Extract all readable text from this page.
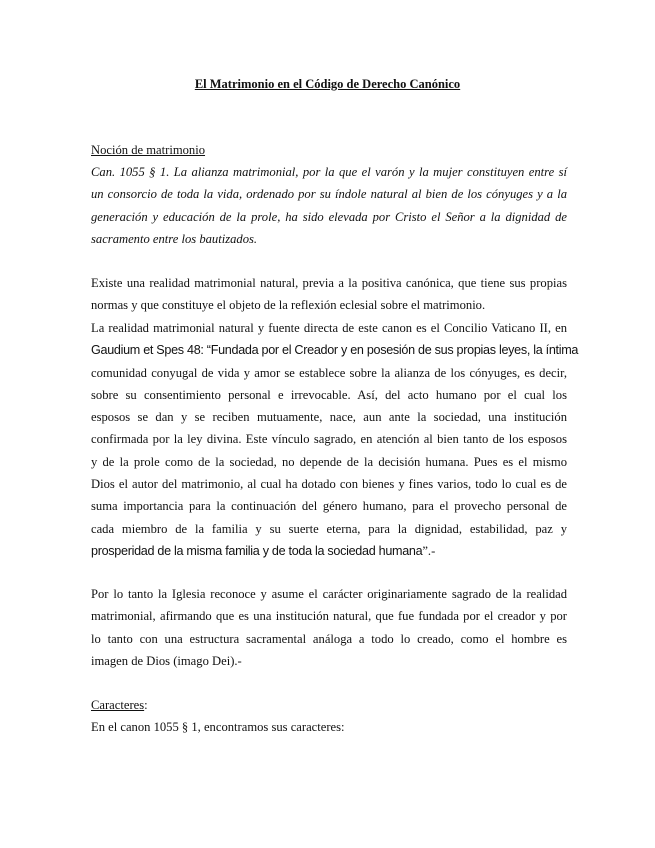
El Matrimonio en el Código de Derecho Canónico
Noción de matrimonio
Can. 1055 § 1. La alianza matrimonial, por la que el varón y la mujer constituyen entre sí
un consorcio de toda la vida, ordenado por su índole natural al bien de los cónyuges y a la
generación y educación de la prole, ha sido elevada por Cristo el Señor a la dignidad de
sacramento entre los bautizados.
Existe una realidad matrimonial natural, previa a la positiva canónica, que tiene sus propias
normas y que constituye el objeto de la reflexión eclesial sobre el matrimonio.
La realidad matrimonial natural y fuente directa de este canon es el Concilio Vaticano II, en
Gaudium et Spes 48: “Fundada por el Creador y en posesión de sus propias leyes, la íntima
comunidad conyugal de vida y amor se establece sobre la alianza de los cónyuges, es decir,
sobre su consentimiento personal e irrevocable. Así, del acto humano por el cual los
esposos se dan y se reciben mutuamente, nace, aun ante la sociedad, una institución
confirmada por la ley divina. Este vínculo sagrado, en atención al bien tanto de los esposos
y de la prole como de la sociedad, no depende de la decisión humana. Pues es el mismo
Dios el autor del matrimonio, al cual ha dotado con bienes y fines varios, todo lo cual es de
suma importancia para la continuación del género humano, para el provecho personal de
cada miembro de la familia y su suerte eterna, para la dignidad, estabilidad, paz y
prosperidad de la misma familia y de toda la sociedad humana”.-
Por lo tanto la Iglesia reconoce y asume el carácter originariamente sagrado de la realidad
matrimonial, afirmando que es una institución natural, que fue fundada por el creador y por
lo tanto con una estructura sacramental análoga a todo lo creado, como el hombre es
imagen de Dios (imago Dei).-
Caracteres:
En el canon 1055 § 1, encontramos sus caracteres:
